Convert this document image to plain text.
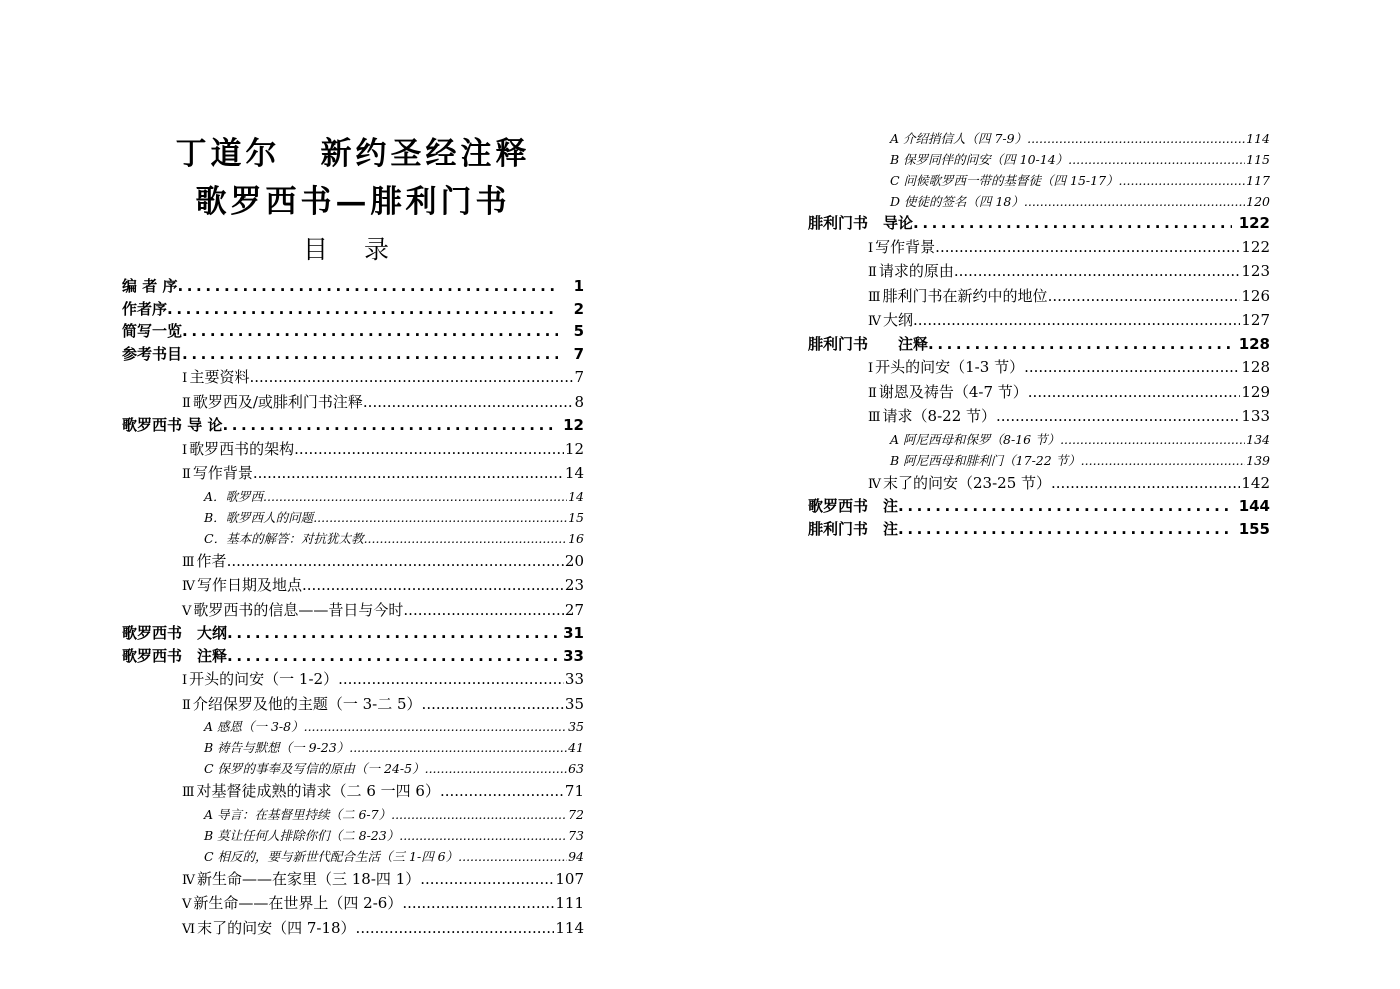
丁道尔 新约圣经注释
歌罗西书—腓利门书
目 录
编 者 序 .....	1
作者序 .....	2
简写一览 .....	5
参考书目 .....	7
Ⅰ 主要资料 .....	7
Ⅱ 歌罗西及/或腓利门书注释 .....	8
歌罗西书 导 论 .....	12
Ⅰ 歌罗西书的架构 .....	12
Ⅱ 写作背景 .....	14
A．歌罗西 .....	14
B．歌罗西人的问题 .....	15
C．基本的解答：对抗犹太教 .....	16
Ⅲ 作者 .....	20
Ⅳ 写作日期及地点 .....	23
Ⅴ 歌罗西书的信息——昔日与今时 .....	27
歌罗西书　大纲 .....	31
歌罗西书　注释 .....	33
Ⅰ 开头的问安（一 1-2） .....	33
Ⅱ 介绍保罗及他的主题（一 3-二 5） .....	35
A 感恩（一 3-8） .....	35
B 祷告与默想（一 9-23） .....	41
C 保罗的事奉及写信的原由（一 24-5） .....	63
Ⅲ 对基督徒成熟的请求（二 6 一四 6） .....	71
A 导言：在基督里持续（二 6-7） .....	72
B 莫让任何人排除你们（二 8-23） .....	73
C 相反的，要与新世代配合生活（三 1-四 6） .....	94
Ⅳ 新生命——在家里（三 18-四 1） .....	107
Ⅴ 新生命——在世界上（四 2-6） .....	111
Ⅵ 末了的问安（四 7-18） .....	114
A 介绍捎信人（四 7-9） .....	114
B 保罗同伴的问安（四 10-14） .....	115
C 问候歌罗西一带的基督徒（四 15-17） .....	117
D 使徒的签名（四 18） .....	120
腓利门书　导论 .....	122
Ⅰ 写作背景 .....	122
Ⅱ 请求的原由 .....	123
Ⅲ 腓利门书在新约中的地位 .....	126
Ⅳ 大纲 .....	127
腓利门书　　注释 .....	128
Ⅰ 开头的问安（1-3 节） .....	128
Ⅱ 谢恩及祷告（4-7 节） .....	129
Ⅲ 请求（8-22 节） .....	133
A 阿尼西母和保罗（8-16 节） .....	134
B 阿尼西母和腓利门（17-22 节） .....	139
Ⅳ 末了的问安（23-25 节） .....	142
歌罗西书　注 .....	144
腓利门书　注 .....	155
